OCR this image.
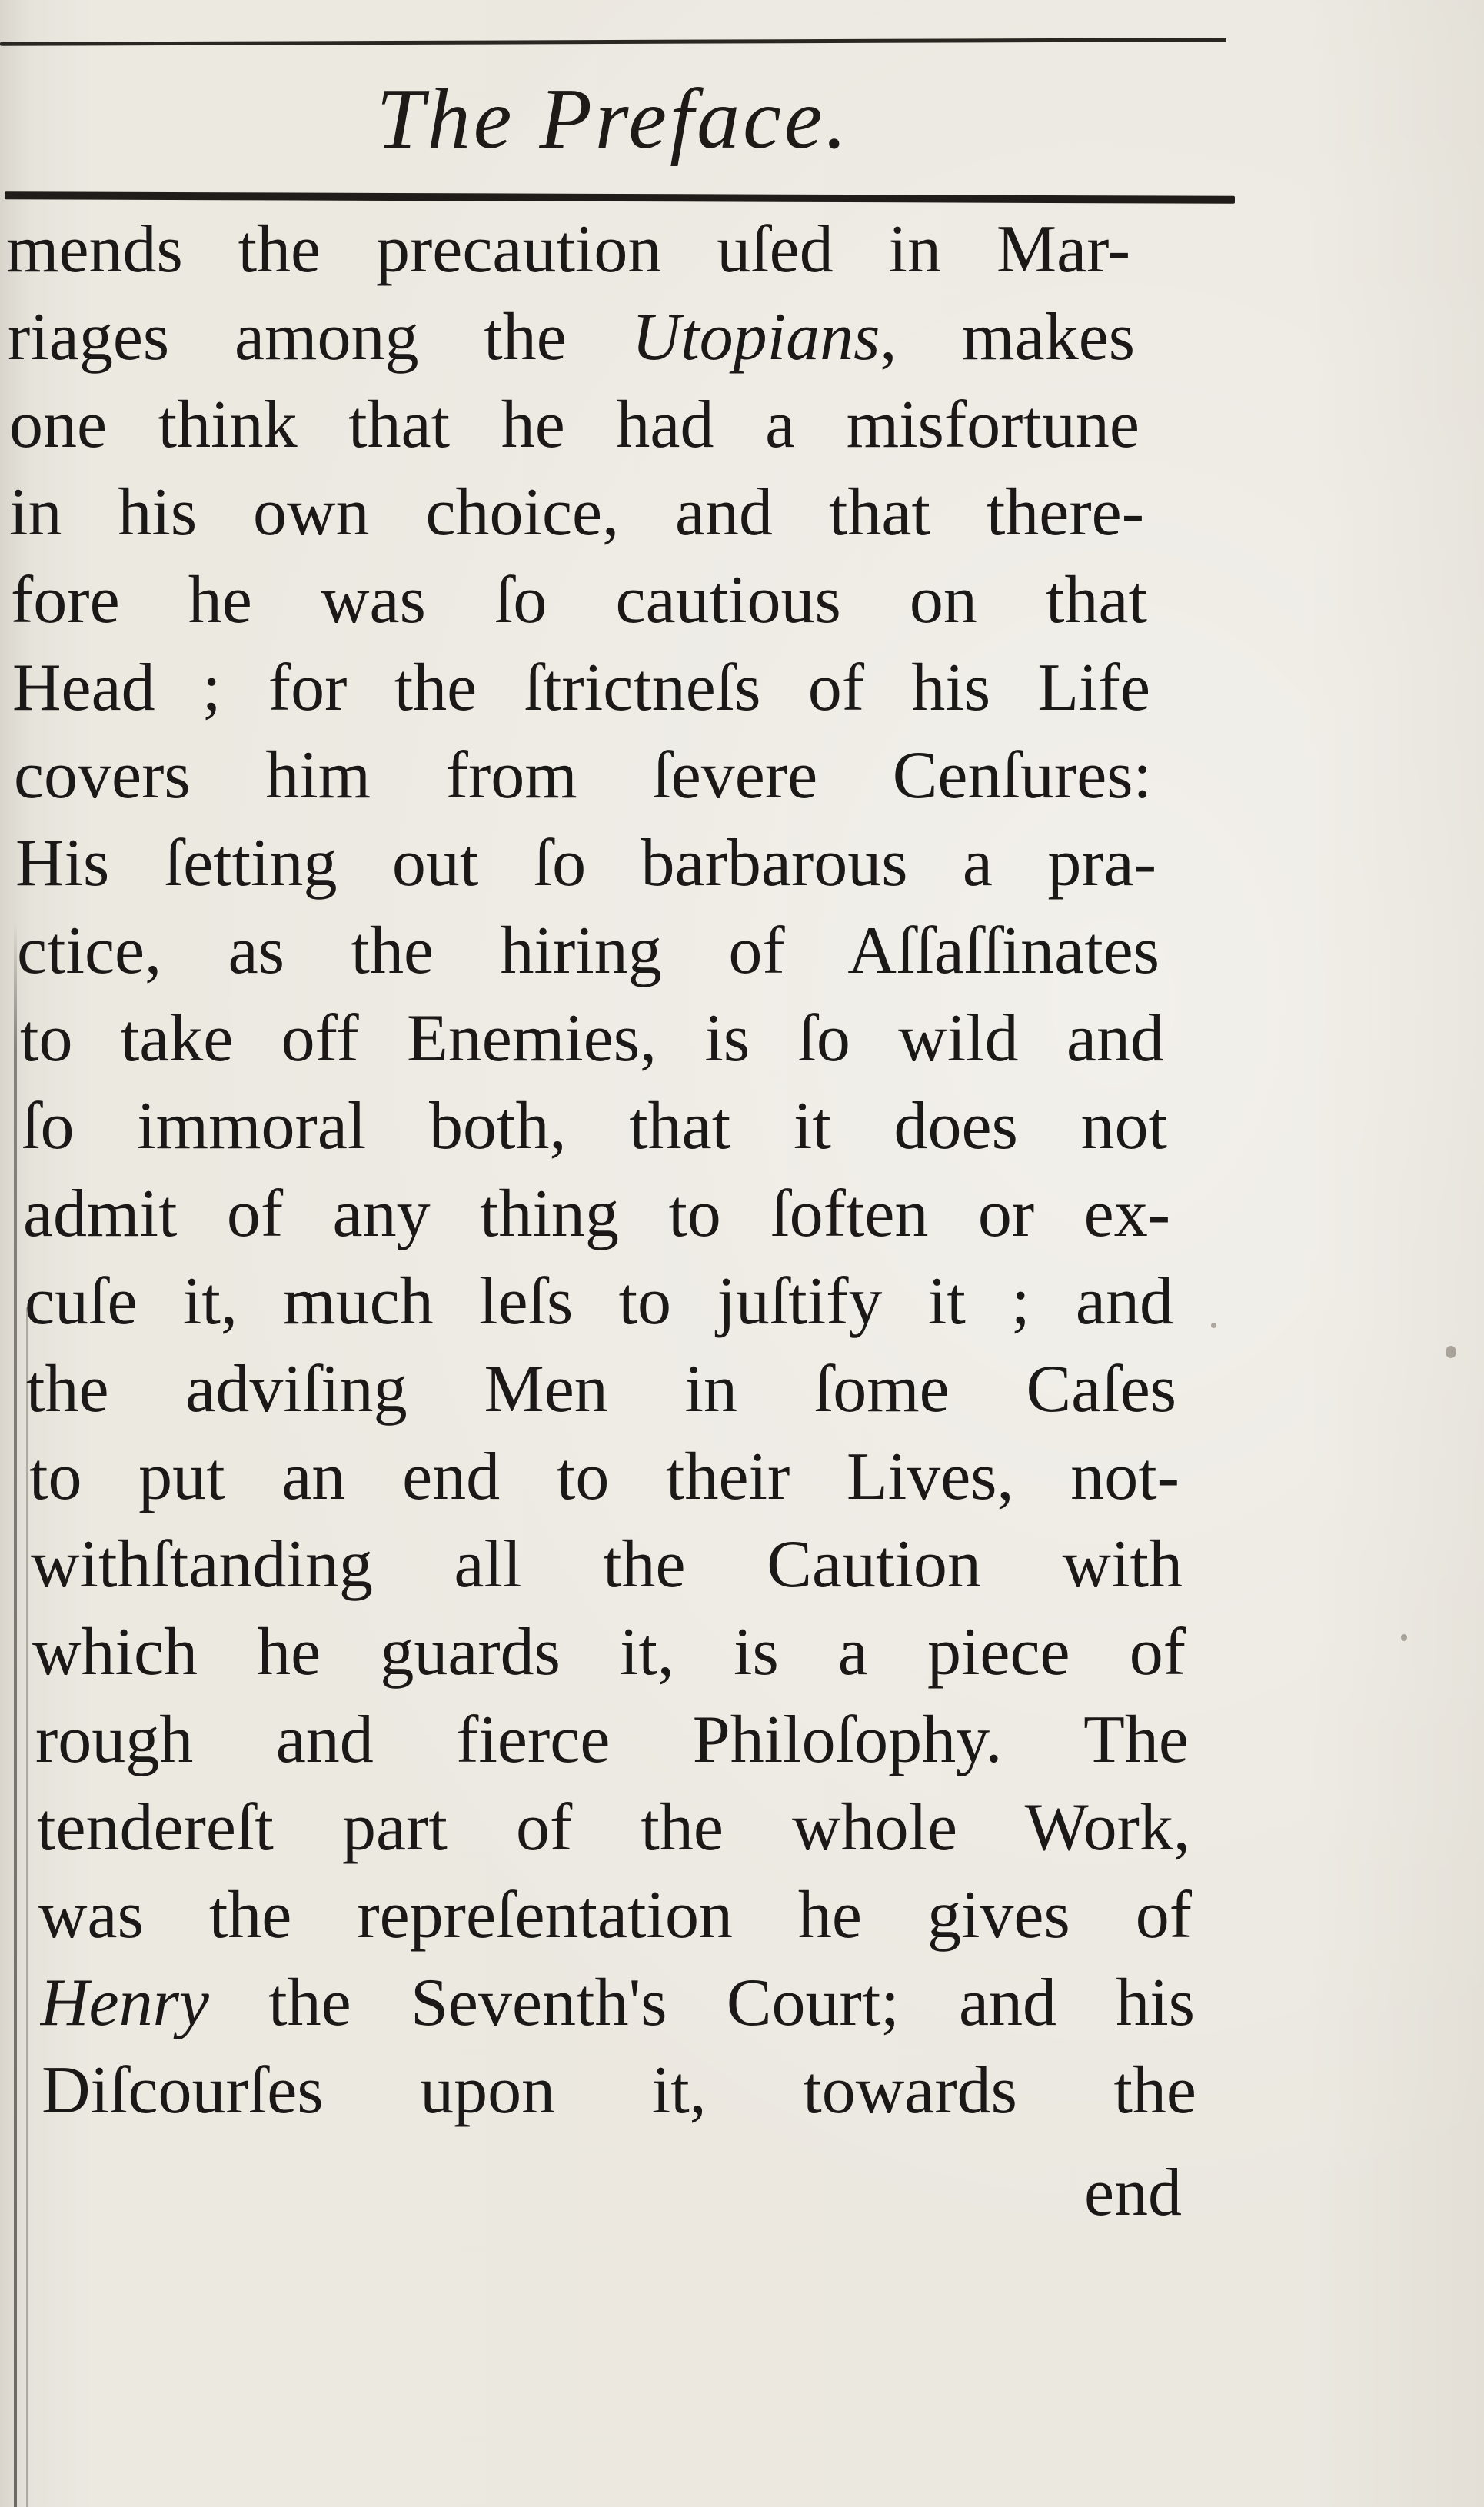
The Preface.
mends the precaution uſed in Mar-
riages among the Utopians, makes
one think that he had a misfortune
in his own choice, and that there-
fore he was ſo cautious on that
Head ; for the ſtrictneſs of his Life
covers him from ſevere Cenſures:
His ſetting out ſo barbarous a pra-
ctice, as the hiring of Aſſaſſinates
to take off Enemies, is ſo wild and
ſo immoral both, that it does not
admit of any thing to ſoften or ex-
cuſe it, much leſs to juſtify it ; and
the adviſing Men in ſome Caſes
to put an end to their Lives, not-
withſtanding all the Caution with
which he guards it, is a piece of
rough and fierce Philoſophy. The
tendereſt part of the whole Work,
was the repreſentation he gives of
Henry the Seventh's Court; and his
Diſcourſes upon it, towards the
end
